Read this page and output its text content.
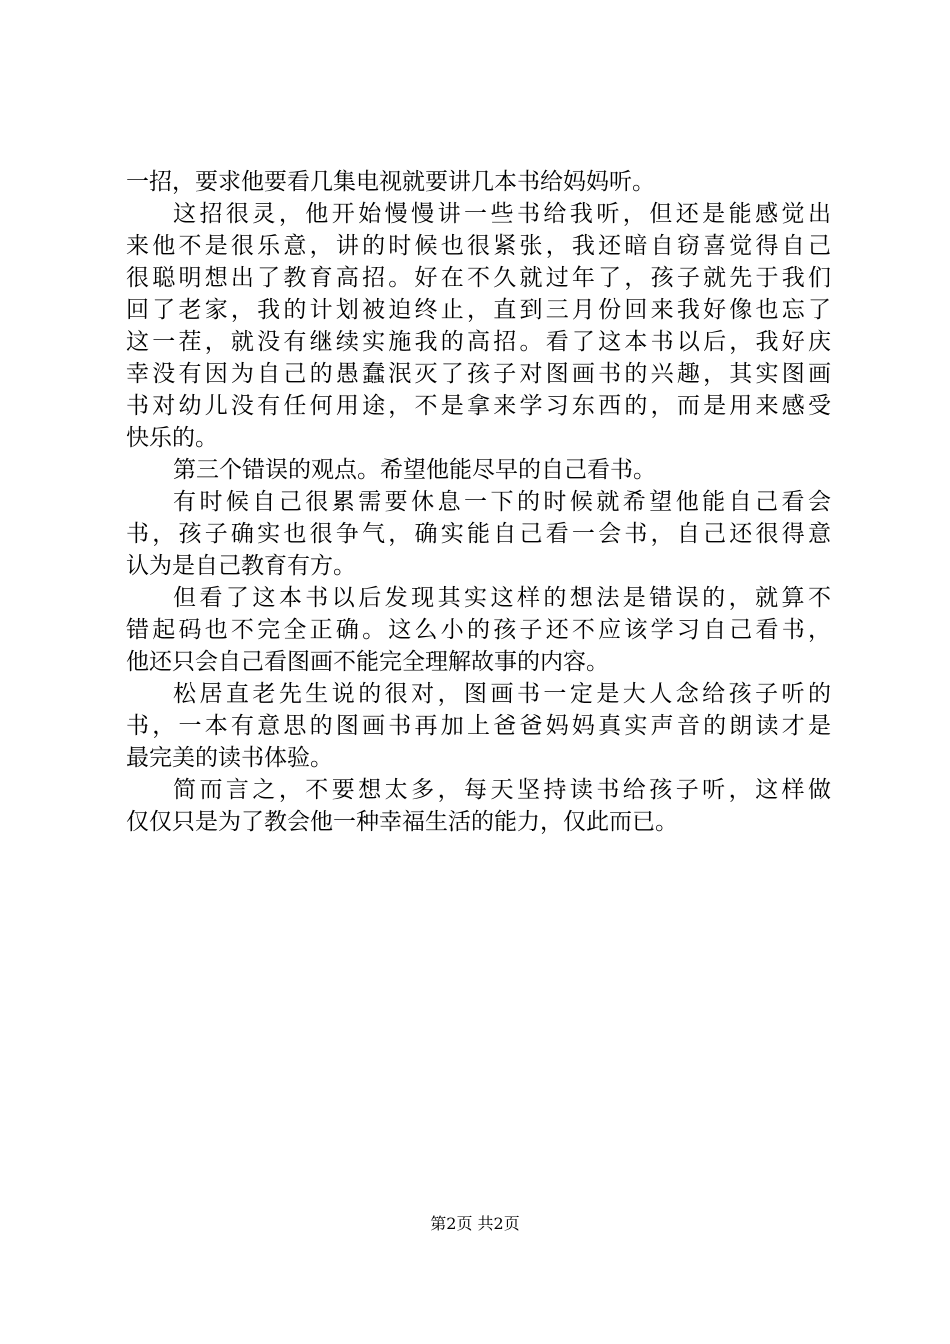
一招，要求他要看几集电视就要讲几本书给妈妈听。
这招很灵，他开始慢慢讲一些书给我听，但还是能感觉出
来他不是很乐意，讲的时候也很紧张，我还暗自窃喜觉得自己
很聪明想出了教育高招。好在不久就过年了，孩子就先于我们
回了老家，我的计划被迫终止，直到三月份回来我好像也忘了
这一茬，就没有继续实施我的高招。看了这本书以后，我好庆
幸没有因为自己的愚蠢泯灭了孩子对图画书的兴趣，其实图画
书对幼儿没有任何用途，不是拿来学习东西的，而是用来感受
快乐的。
第三个错误的观点。希望他能尽早的自己看书。
有时候自己很累需要休息一下的时候就希望他能自己看会
书，孩子确实也很争气，确实能自己看一会书，自己还很得意
认为是自己教育有方。
但看了这本书以后发现其实这样的想法是错误的，就算不
错起码也不完全正确。这么小的孩子还不应该学习自己看书，
他还只会自己看图画不能完全理解故事的内容。
松居直老先生说的很对，图画书一定是大人念给孩子听的
书，一本有意思的图画书再加上爸爸妈妈真实声音的朗读才是
最完美的读书体验。
简而言之，不要想太多，每天坚持读书给孩子听，这样做
仅仅只是为了教会他一种幸福生活的能力，仅此而已。
第2页 共2页
